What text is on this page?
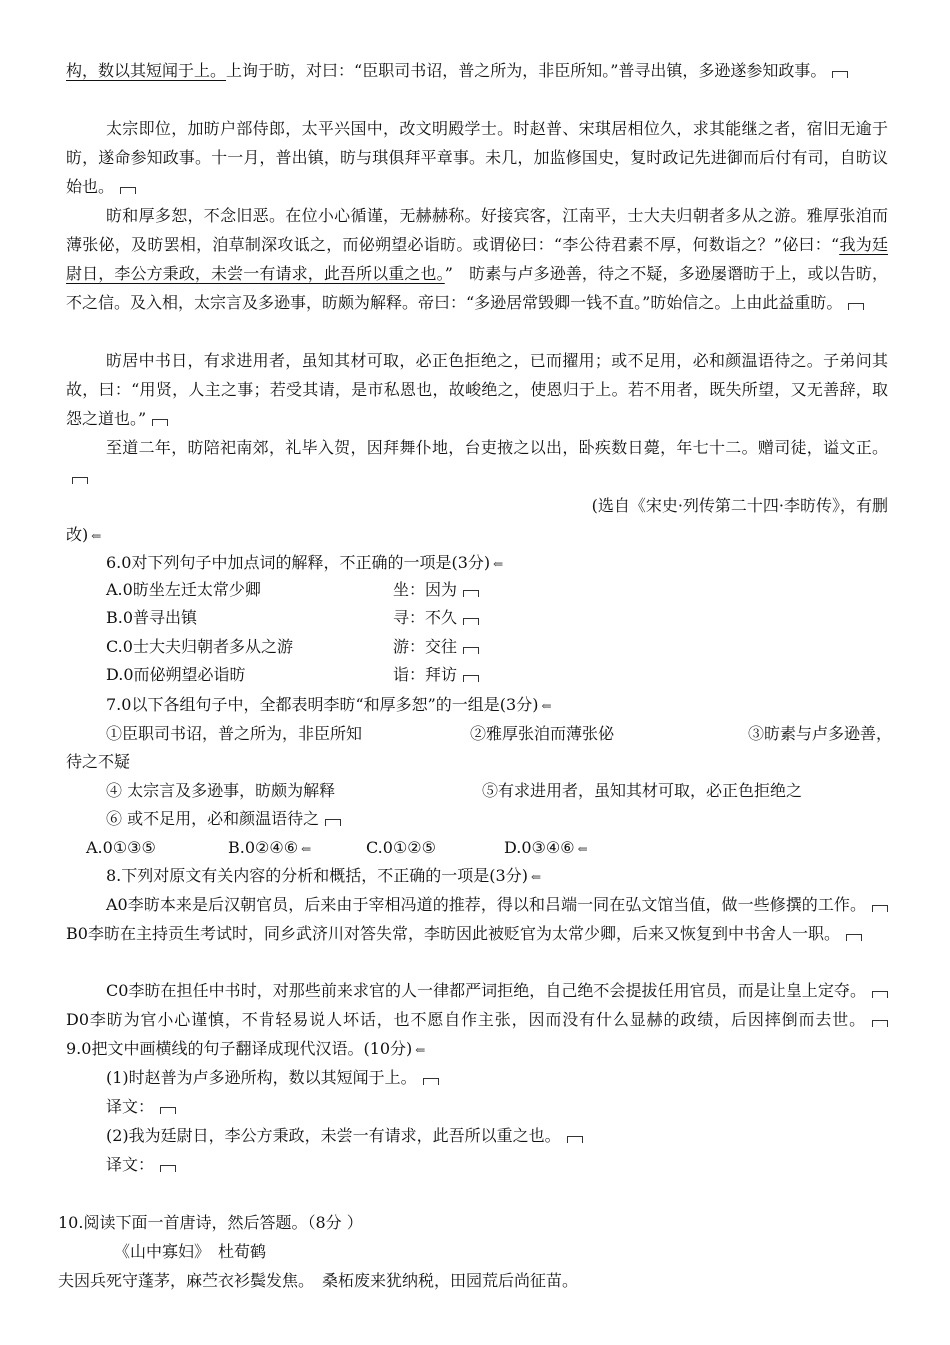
构，数以其短闻于上。上询于昉，对曰：“臣职司书诏，普之所为，非臣所知。”普寻出镇，多逊遂参知政事。

太宗即位，加昉户部侍郎，太平兴国中，改文明殿学士。时赵普、宋琪居相位久，求其能继之者，宿旧无逾于昉，遂命参知政事。十一月，普出镇，昉与琪俱拜平章事。未几，加监修国史，复时政记先进御而后付有司，自昉议始也。

昉和厚多恕，不念旧恶。在位小心循谨，无赫赫称。好接宾客，江南平，士大夫归朝者多从之游。雅厚张洎而薄张佖，及昉罢相，洎草制深攻诋之，而佖朔望必诣昉。或谓佖曰：“李公待君素不厚，何数诣之？”佖曰：“我为廷尉日，李公方秉政，未尝一有请求，此吾所以重之也。”　昉素与卢多逊善，待之不疑，多逊屡谮昉于上，或以告昉，不之信。及入相，太宗言及多逊事，昉颇为解释。帝曰：“多逊居常毁卿一钱不直。”昉始信之。上由此益重昉。

昉居中书日，有求进用者，虽知其材可取，必正色拒绝之，已而擢用；或不足用，必和颜温语待之。子弟问其故，曰：“用贤，人主之事；若受其请，是市私恩也，故峻绝之，使恩归于上。若不用者，既失所望，又无善辞，取怨之道也。”

至道二年，昉陪祀南郊，礼毕入贺，因拜舞仆地，台吏掖之以出，卧疾数日薨，年七十二。赠司徒，谥文正。

(选自《宋史·列传第二十四·李昉传》，有删
改) ⇐
6.0对下列句子中加点词的解释，不正确的一项是(3分) ⇐
A.0昉坐左迁太常少卿	坐：因为
B.0普寻出镇	寻：不久
C.0士大夫归朝者多从之游	游：交往
D.0而佖朔望必诣昉	诣：拜访
7.0以下各组句子中，全都表明李昉“和厚多恕”的一组是(3分) ⇐
①臣职司书诏，普之所为，非臣所知	②雅厚张洎而薄张佖	③昉素与卢多逊善，
待之不疑
④ 太宗言及多逊事，昉颇为解释	⑤有求进用者，虽知其材可取，必正色拒绝之
⑥ 或不足用，必和颜温语待之
A.0①③⑤	B.0②④⑥ ⇐	C.0①②⑤	D.0③④⑥ ⇐
8.下列对原文有关内容的分析和概括，不正确的一项是(3分) ⇐

A0李昉本来是后汉朝官员，后来由于宰相冯道的推荐，得以和吕端一同在弘文馆当值，做一些修撰的工作。　B0李昉在主持贡生考试时，同乡武济川对答失常，李昉因此被贬官为太常少卿，后来又恢复到中书舍人一职。

C0李昉在担任中书时，对那些前来求官的人一律都严词拒绝，自己绝不会提拔任用官员，而是让皇上定夺。　D0李昉为官小心谨慎，不肯轻易说人坏话，也不愿自作主张，因而没有什么显赫的政绩，后因摔倒而去世。　9.0把文中画横线的句子翻译成现代汉语。(10分) ⇐

(1)时赵普为卢多逊所构，数以其短闻于上。
译文：
(2)我为廷尉日，李公方秉政，未尝一有请求，此吾所以重之也。
译文：
10.阅读下面一首唐诗，然后答题。（8分 ）
《山中寡妇》　杜荀鹤
夫因兵死守蓬茅，麻苎衣衫鬓发焦。　桑柘废来犹纳税，田园荒后尚征苗。
